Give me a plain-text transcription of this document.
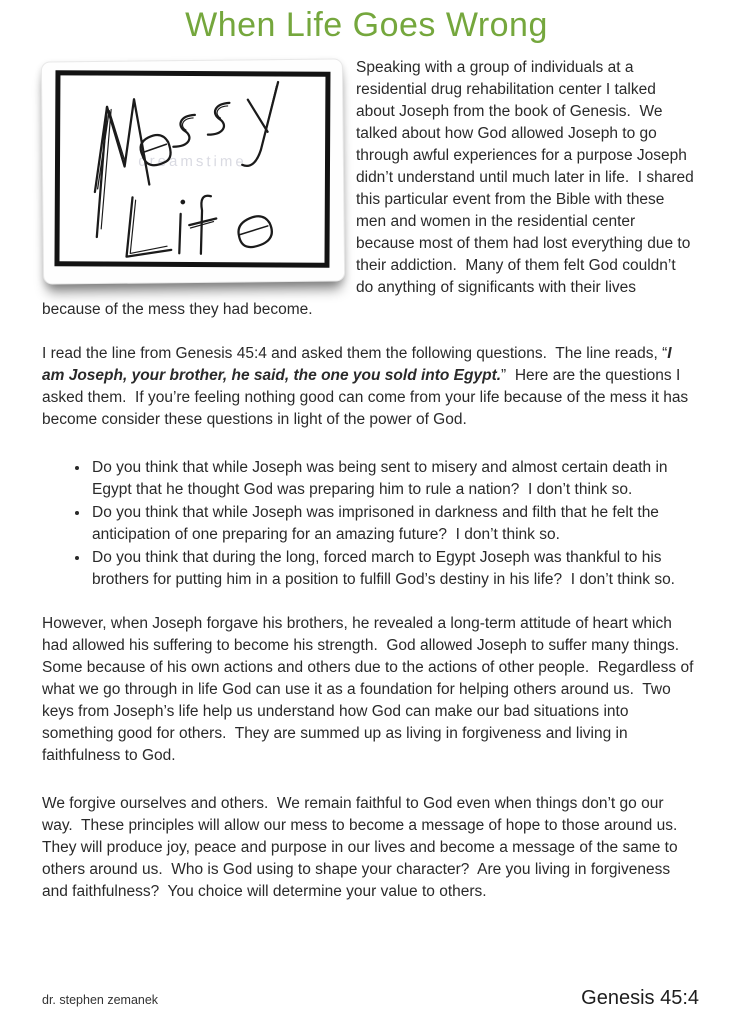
When Life Goes Wrong
dreamstime

Speaking with a group of individuals at a residential drug rehabilitation center I talked about Joseph from the book of Genesis.  We talked about how God allowed Joseph to go through awful experiences for a purpose Joseph didn’t understand until much later in life.  I shared this particular event from the Bible with these men and women in the residential center because most of them had lost everything due to their addiction.  Many of them felt God couldn’t do anything of significants with their lives because of the mess they had become.

I read the line from Genesis 45:4 and asked them the following questions.  The line reads, “I am Joseph, your brother, he said, the one you sold into Egypt.”  Here are the questions I asked them.  If you’re feeling nothing good can come from your life because of the mess it has become consider these questions in light of the power of God.

• Do you think that while Joseph was being sent to misery and almost certain death in Egypt that he thought God was preparing him to rule a nation?  I don’t think so.
• Do you think that while Joseph was imprisoned in darkness and filth that he felt the anticipation of one preparing for an amazing future?  I don’t think so.
• Do you think that during the long, forced march to Egypt Joseph was thankful to his brothers for putting him in a position to fulfill God’s destiny in his life?  I don’t think so.

However, when Joseph forgave his brothers, he revealed a long-term attitude of heart which had allowed his suffering to become his strength.  God allowed Joseph to suffer many things.  Some because of his own actions and others due to the actions of other people.  Regardless of what we go through in life God can use it as a foundation for helping others around us.  Two keys from Joseph’s life help us understand how God can make our bad situations into something good for others.  They are summed up as living in forgiveness and living in faithfulness to God.

We forgive ourselves and others.  We remain faithful to God even when things don’t go our way.  These principles will allow our mess to become a message of hope to those around us.  They will produce joy, peace and purpose in our lives and become a message of the same to others around us.  Who is God using to shape your character?  Are you living in forgiveness and faithfulness?  You choice will determine your value to others.

dr. stephen zemanek	Genesis 45:4
